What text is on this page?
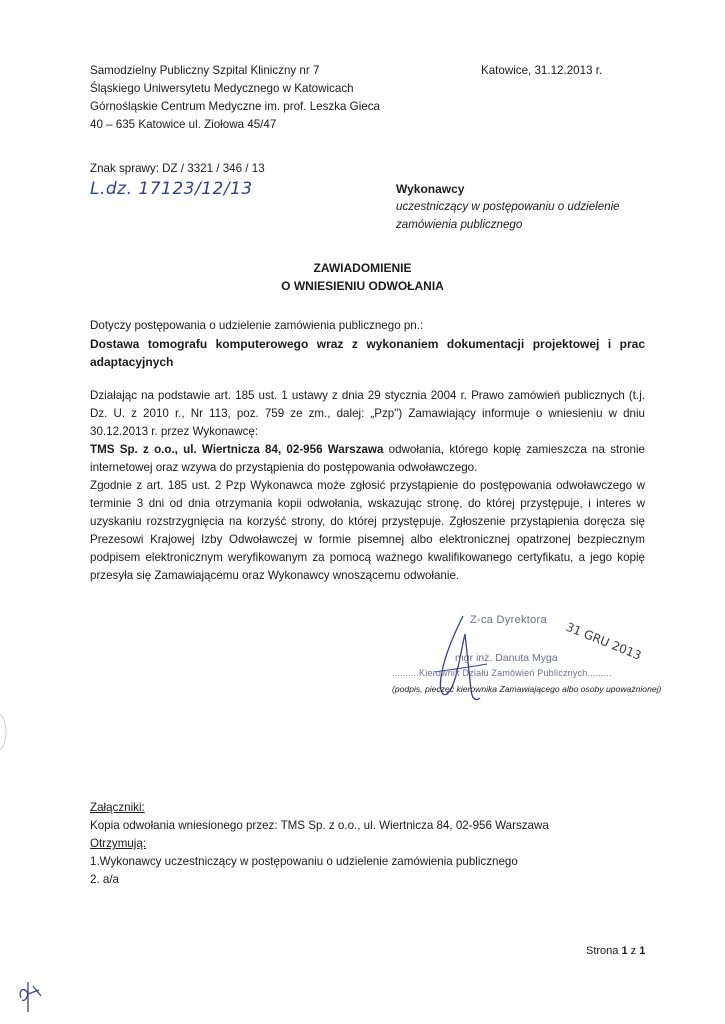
Samodzielny Publiczny Szpital Kliniczny nr 7
Śląskiego Uniwersytetu Medycznego w Katowicach
Górnośląskie Centrum Medyczne im. prof. Leszka Gieca
40 – 635 Katowice ul. Ziołowa 45/47
Katowice, 31.12.2013 r.
Znak sprawy: DZ / 3321 / 346 / 13
L.dz. 17123/12/13	Wykonawcy
uczestniczący w postępowaniu o udzielenie
zamówienia publicznego
ZAWIADOMIENIE
O WNIESIENIU ODWOŁANIA
Dotyczy postępowania o udzielenie zamówienia publicznego pn.:
Dostawa tomografu komputerowego wraz z wykonaniem dokumentacji projektowej i prac adaptacyjnych

Działając na podstawie art. 185 ust. 1 ustawy z dnia 29 stycznia 2004 r. Prawo zamówień publicznych (t.j. Dz. U. z 2010 r., Nr 113, poz. 759 ze zm., dalej: „Pzp") Zamawiający informuje o wniesieniu w dniu 30.12.2013 r. przez Wykonawcę:

TMS Sp. z o.o., ul. Wiertnicza 84, 02-956 Warszawa odwołania, którego kopię zamieszcza na stronie internetowej oraz wzywa do przystąpienia do postępowania odwoławczego.

Zgodnie z art. 185 ust. 2 Pzp Wykonawca może zgłosić przystąpienie do postępowania odwoławczego w terminie 3 dni od dnia otrzymania kopii odwołania, wskazując stronę, do której przystępuje, i interes w uzyskaniu rozstrzygnięcia na korzyść strony, do której przystępuje. Zgłoszenie przystąpienia doręcza się Prezesowi Krajowej Izby Odwoławczej w formie pisemnej albo elektronicznej opatrzonej bezpiecznym podpisem elektronicznym weryfikowanym za pomocą ważnego kwalifikowanego certyfikatu, a jego kopię przesyła się Zamawiającemu oraz Wykonawcy wnoszącemu odwołanie.

Z-ca Dyrektora 31 GRU 2013
mgr inż. Danuta Myga
..........Kierownik Działu Zamówień Publicznych.........
(podpis, pieczęć kierownika Zamawiającego albo osoby upoważnionej)
Załączniki:
Kopia odwołania wniesionego przez: TMS Sp. z o.o., ul. Wiertnicza 84, 02-956 Warszawa
Otrzymują:
1.Wykonawcy uczestniczący w postępowaniu o udzielenie zamówienia publicznego
2. a/a
Strona 1 z 1
